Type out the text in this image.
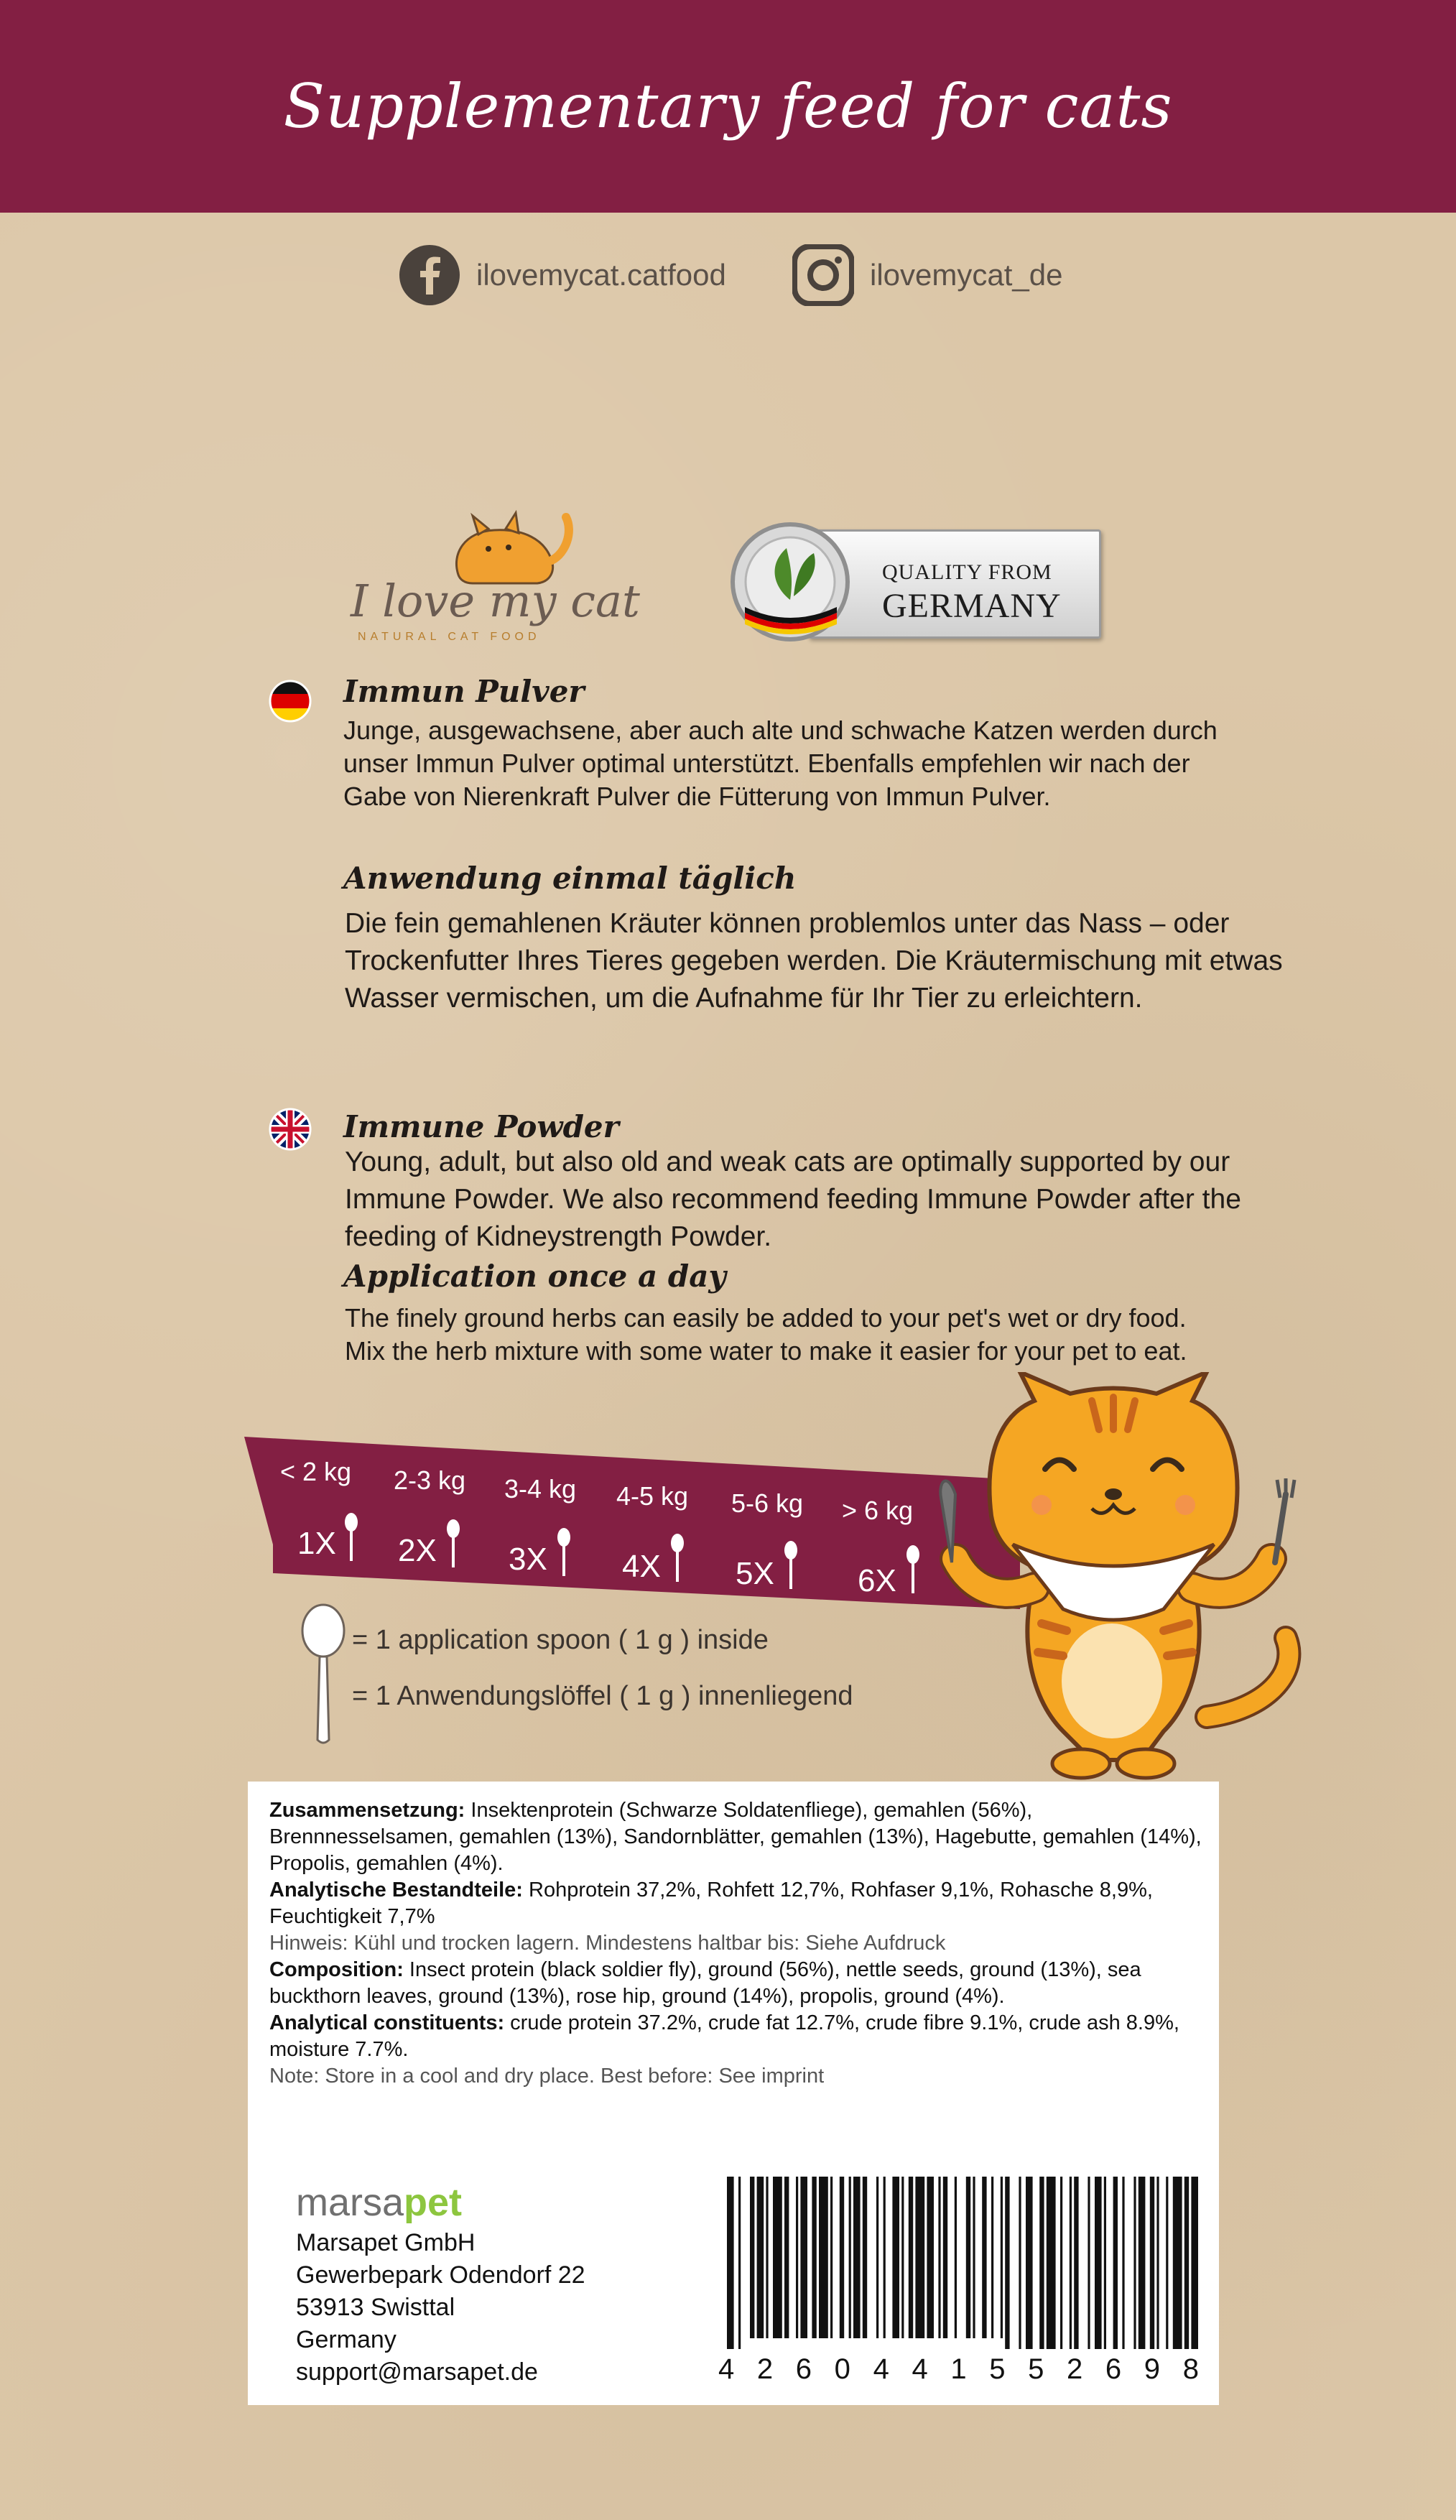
Supplementary feed for cats
ilovemycat.catfood	ilovemycat_de
I love my cat
NATURAL CAT FOOD
QUALITY FROM
GERMANY
Immun Pulver
Junge, ausgewachsene, aber auch alte und schwache Katzen werden durch unser Immun Pulver optimal unterstützt. Ebenfalls empfehlen wir nach der Gabe von Nierenkraft Pulver die Fütterung von Immun Pulver.
Anwendung einmal täglich
Die fein gemahlenen Kräuter können problemlos unter das Nass – oder Trockenfutter Ihres Tieres gegeben werden. Die Kräutermischung mit etwas Wasser vermischen, um die Aufnahme für Ihr Tier zu erleichtern.
Immune Powder
Young, adult, but also old and weak cats are optimally supported by our Immune Powder. We also recommend feeding Immune Powder after the feeding of Kidneystrength Powder.
Application once a day
The finely ground herbs can easily be added to your pet's wet or dry food. Mix the herb mixture with some water to make it easier for your pet to eat.
< 2 kg 2-3 kg 3-4 kg 4-5 kg 5-6 kg > 6 kg
1X 2X 3X 4X 5X	6X
= 1 application spoon ( 1 g ) inside
= 1 Anwendungslöffel ( 1 g ) innenliegend

Zusammensetzung: Insektenprotein (Schwarze Soldatenfliege), gemahlen (56%), Brennnesselsamen, gemahlen (13%), Sandornblätter, gemahlen (13%), Hagebutte, gemahlen (14%), Propolis, gemahlen (4%).

Analytische Bestandteile: Rohprotein 37,2%, Rohfett 12,7%, Rohfaser 9,1%, Rohasche 8,9%, Feuchtigkeit 7,7%

Hinweis: Kühl und trocken lagern. Mindestens haltbar bis: Siehe Aufdruck

Composition: Insect protein (black soldier fly), ground (56%), nettle seeds, ground (13%), sea buckthorn leaves, ground (13%), rose hip, ground (14%), propolis, ground (4%).

Analytical constituents: crude protein 37.2%, crude fat 12.7%, crude fibre 9.1%, crude ash 8.9%,

moisture 7.7%.

Note: Store in a cool and dry place. Best before: See imprint

marsapet
Marsapet GmbH
Gewerbepark Odendorf 22
53913 Swisttal
Germany
support@marsapet.de	4 2 6 0 4 4 1 5 5 2 6 9 8
